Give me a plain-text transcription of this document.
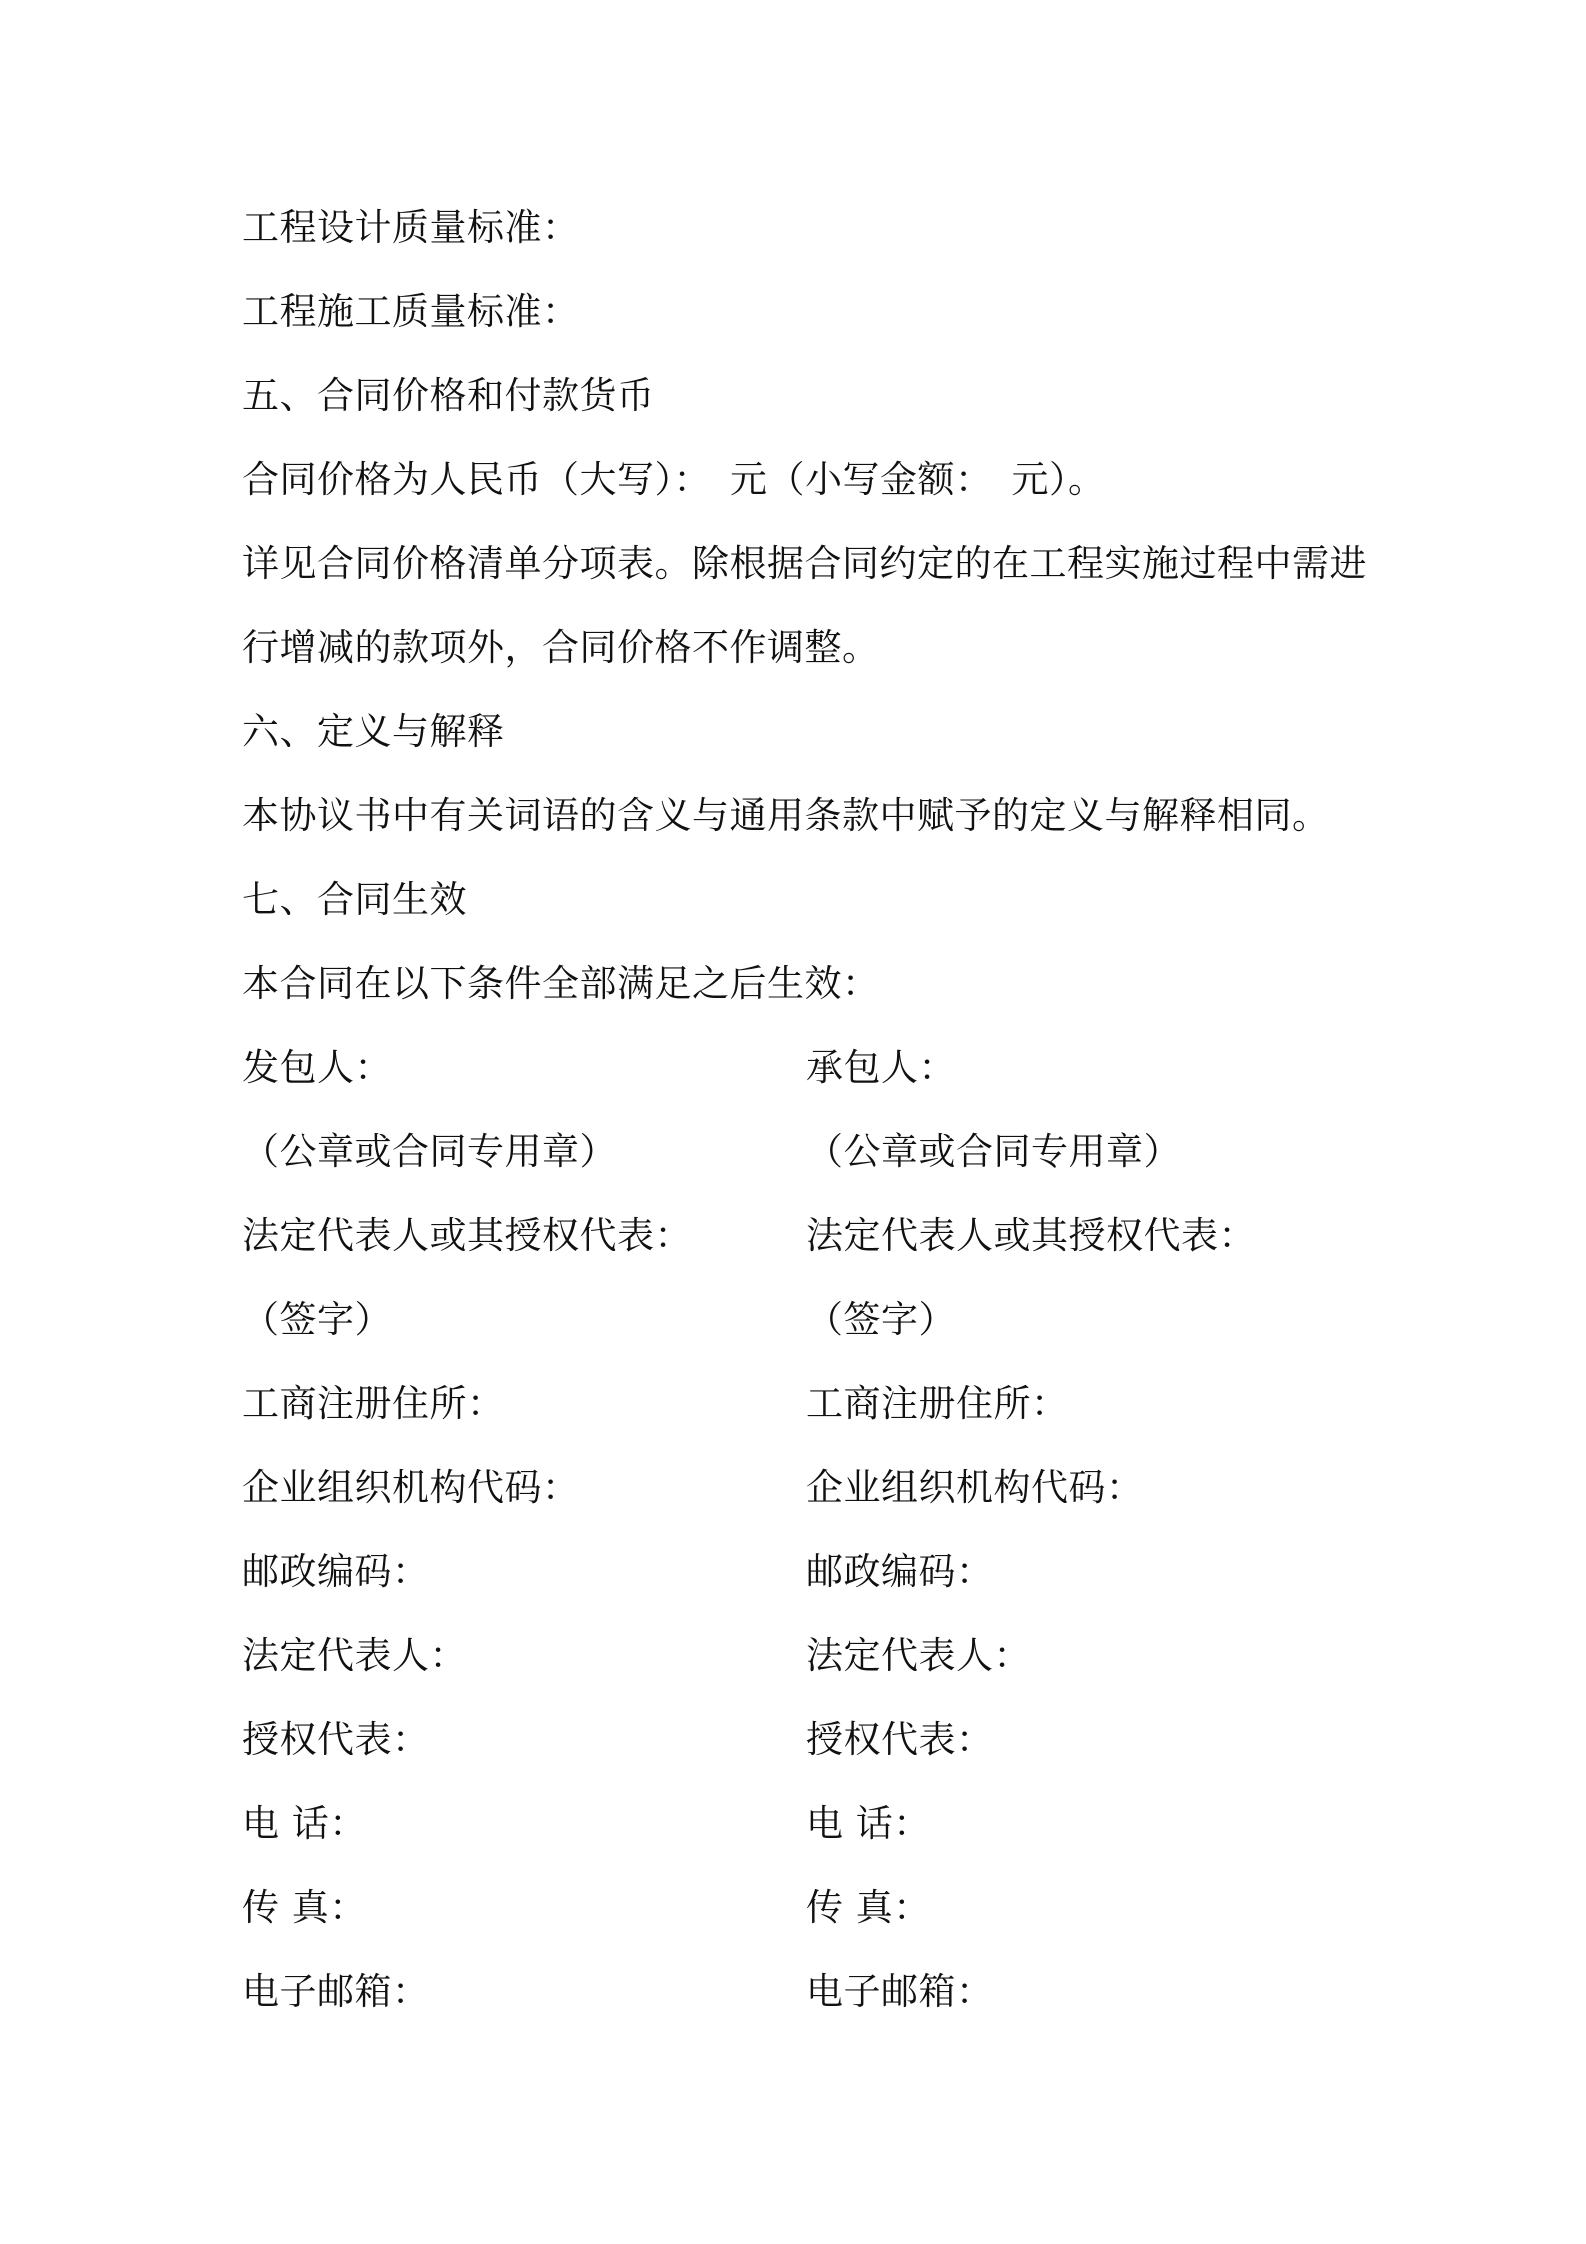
工程设计质量标准：
工程施工质量标准：
五、合同价格和付款货币
合同价格为人民币（大写）：　元（小写金额：　元）。
详见合同价格清单分项表。除根据合同约定的在工程实施过程中需进
行增减的款项外，合同价格不作调整。
六、定义与解释
本协议书中有关词语的含义与通用条款中赋予的定义与解释相同。
七、合同生效
本合同在以下条件全部满足之后生效：
发包人：
（公章或合同专用章）
法定代表人或其授权代表：
（签字）
工商注册住所：
企业组织机构代码：
邮政编码：
法定代表人：
授权代表：
电 话：
传 真：
电子邮箱：
承包人：
（公章或合同专用章）
法定代表人或其授权代表：
（签字）
工商注册住所：
企业组织机构代码：
邮政编码：
法定代表人：
授权代表：
电 话：
传 真：
电子邮箱：
